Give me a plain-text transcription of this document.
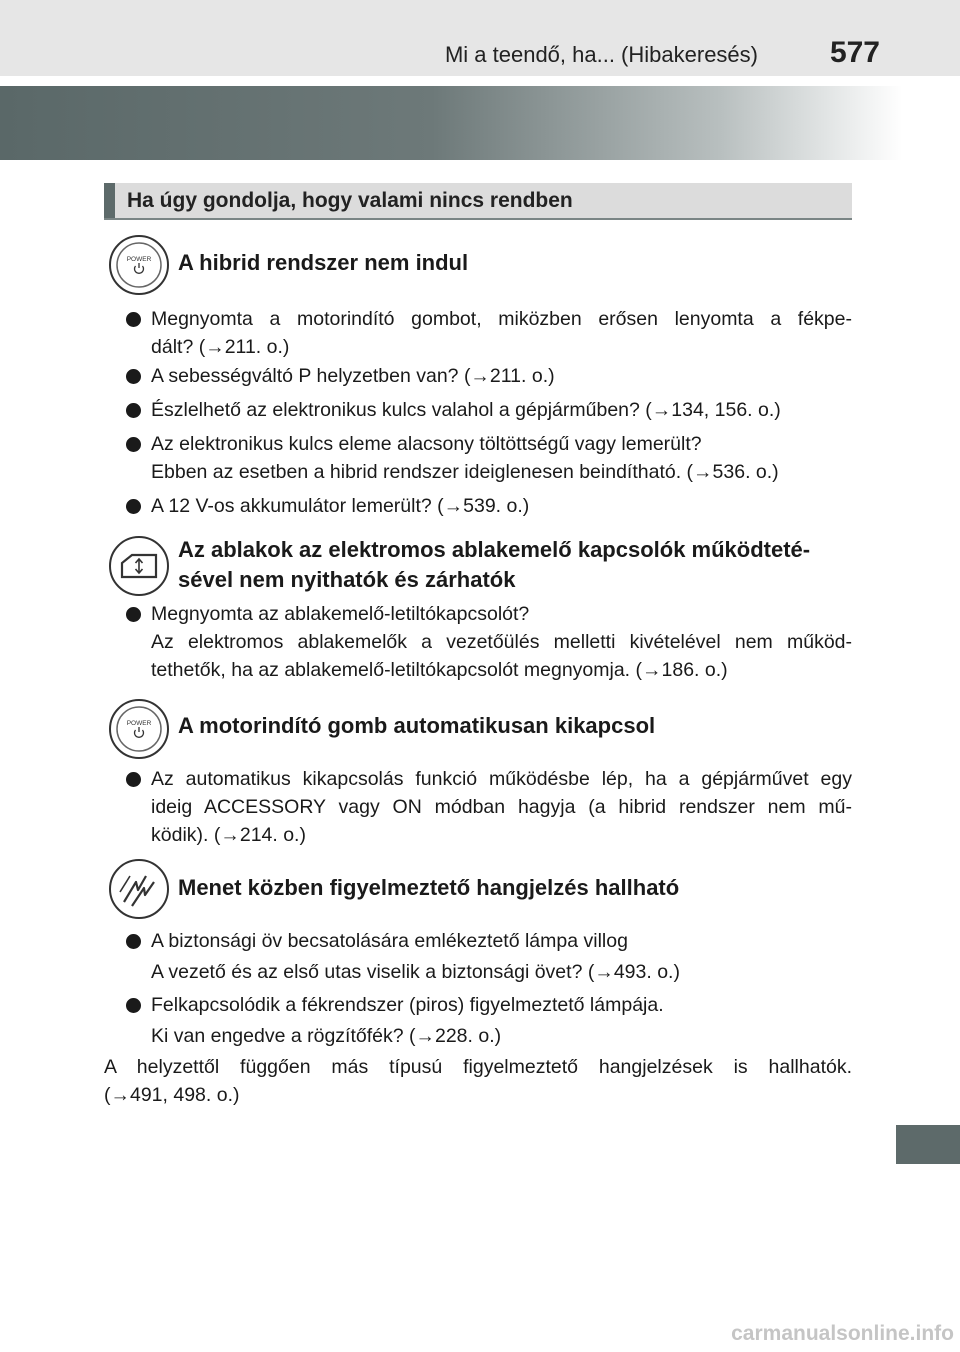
Mi a teendő, ha... (Hibakeresés) 577
Ha úgy gondolja, hogy valami nincs rendben
POWER A hibrid rendszer nem indul
Megnyomta a motorindító gombot, miközben erősen lenyomta a fékpe-
dált? (→211. o.)
A sebességváltó P helyzetben van? (→211. o.)
Észlelhető az elektronikus kulcs valahol a gépjárműben? (→134, 156. o.)
Az elektronikus kulcs eleme alacsony töltöttségű vagy lemerült?
Ebben az esetben a hibrid rendszer ideiglenesen beindítható. (→536. o.)
A 12 V-os akkumulátor lemerült? (→539. o.)
Az ablakok az elektromos ablakemelő kapcsolók működteté-
sével nem nyithatók és zárhatók
Megnyomta az ablakemelő-letiltókapcsolót?
Az elektromos ablakemelők a vezetőülés melletti kivételével nem működ-
tethetők, ha az ablakemelő-letiltókapcsolót megnyomja. (→186. o.)
POWER A motorindító gomb automatikusan kikapcsol
Az automatikus kikapcsolás funkció működésbe lép, ha a gépjárművet egy
ideig ACCESSORY vagy ON módban hagyja (a hibrid rendszer nem mű-
ködik). (→214. o.)
Menet közben figyelmeztető hangjelzés hallható
A biztonsági öv becsatolására emlékeztető lámpa villog
A vezető és az első utas viselik a biztonsági övet? (→493. o.)
Felkapcsolódik a fékrendszer (piros) figyelmeztető lámpája.
Ki van engedve a rögzítőfék? (→228. o.)
A helyzettől függően más típusú figyelmeztető hangjelzések is hallhatók.
(→491, 498. o.)
carmanualsonline.info
